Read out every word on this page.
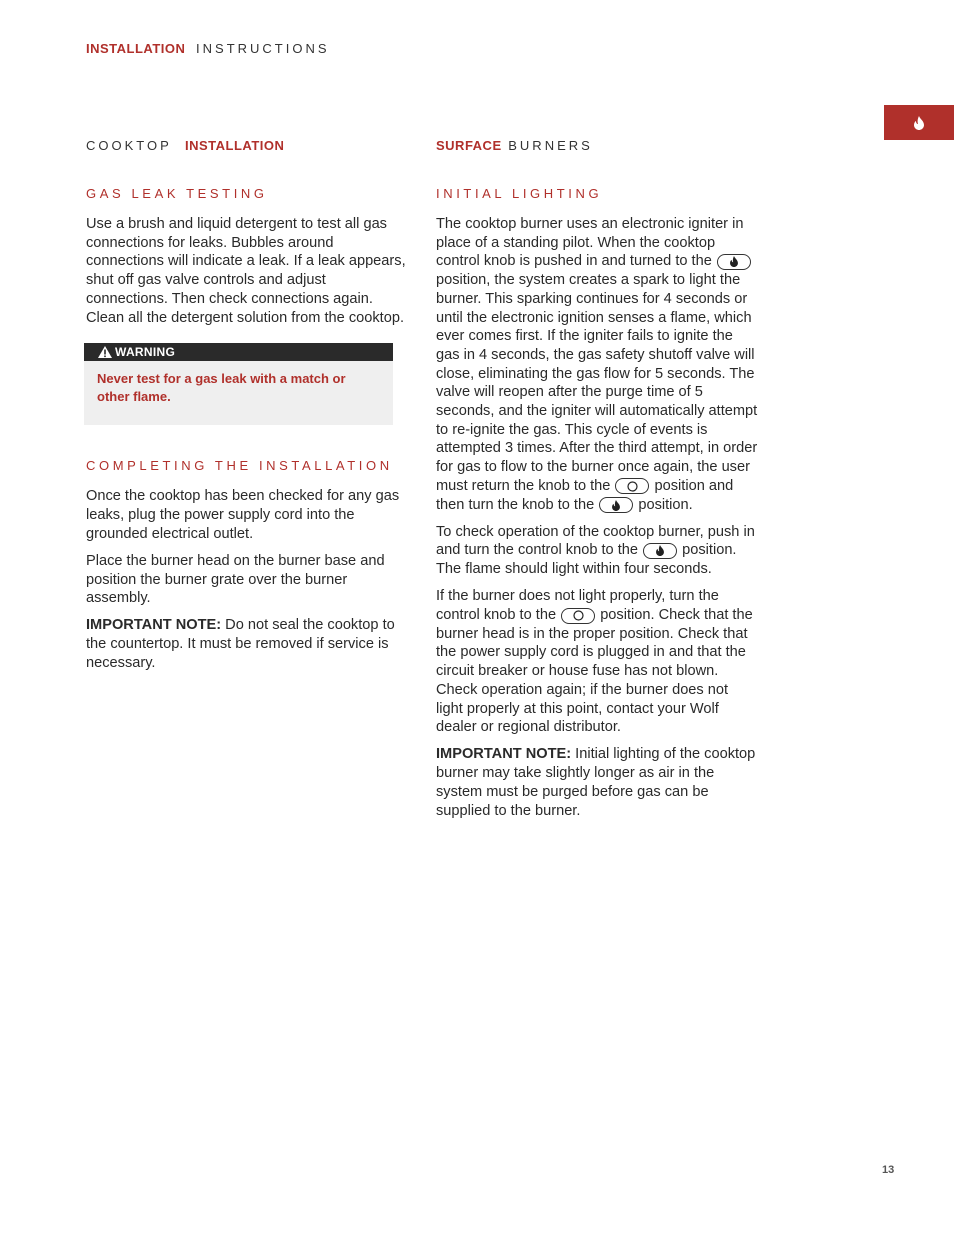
INSTALLATION INSTRUCTIONS
COOKTOP INSTALLATION
GAS LEAK TESTING

Use a brush and liquid detergent to test all gas connections for leaks. Bubbles around connections will indicate a leak. If a leak appears, shut off gas valve controls and adjust connections. Then check connections again. Clean all the detergent solution from the cooktop.

WARNING
Never test for a gas leak with a match or other flame.
COMPLETING THE INSTALLATION

Once the cooktop has been checked for any gas leaks, plug the power supply cord into the grounded electrical outlet.

Place the burner head on the burner base and position the burner grate over the burner assembly.

IMPORTANT NOTE: Do not seal the cooktop to the countertop. It must be removed if service is necessary.

SURFACE BURNERS
INITIAL LIGHTING

The cooktop burner uses an electronic igniter in place of a standing pilot. When the cooktop control knob is pushed in and turned to the
position, the system creates a spark to light the burner. This sparking continues for 4 seconds or until the electronic ignition senses a flame, which ever comes first. If the igniter fails to ignite the gas in 4 seconds, the gas safety shutoff valve will close, eliminating the gas flow for 5 seconds. The valve will reopen after the purge time of 5 seconds, and the igniter will automatically attempt to re-ignite the gas. This cycle of events is attempted 3 times. After the third attempt, in order for gas to flow to the burner once again, the user must return the knob to the
position and then turn the knob to the
position.

To check operation of the cooktop burner, push in and turn the control knob to the
position. The flame should light within four seconds.

If the burner does not light properly, turn the control knob to the
position. Check that the burner head is in the proper position. Check that the power supply cord is plugged in and that the circuit breaker or house fuse has not blown. Check operation again; if the burner does not light properly at this point, contact your Wolf dealer or regional distributor.

IMPORTANT NOTE: Initial lighting of the cooktop burner may take slightly longer as air in the system must be purged before gas can be supplied to the burner.

13
